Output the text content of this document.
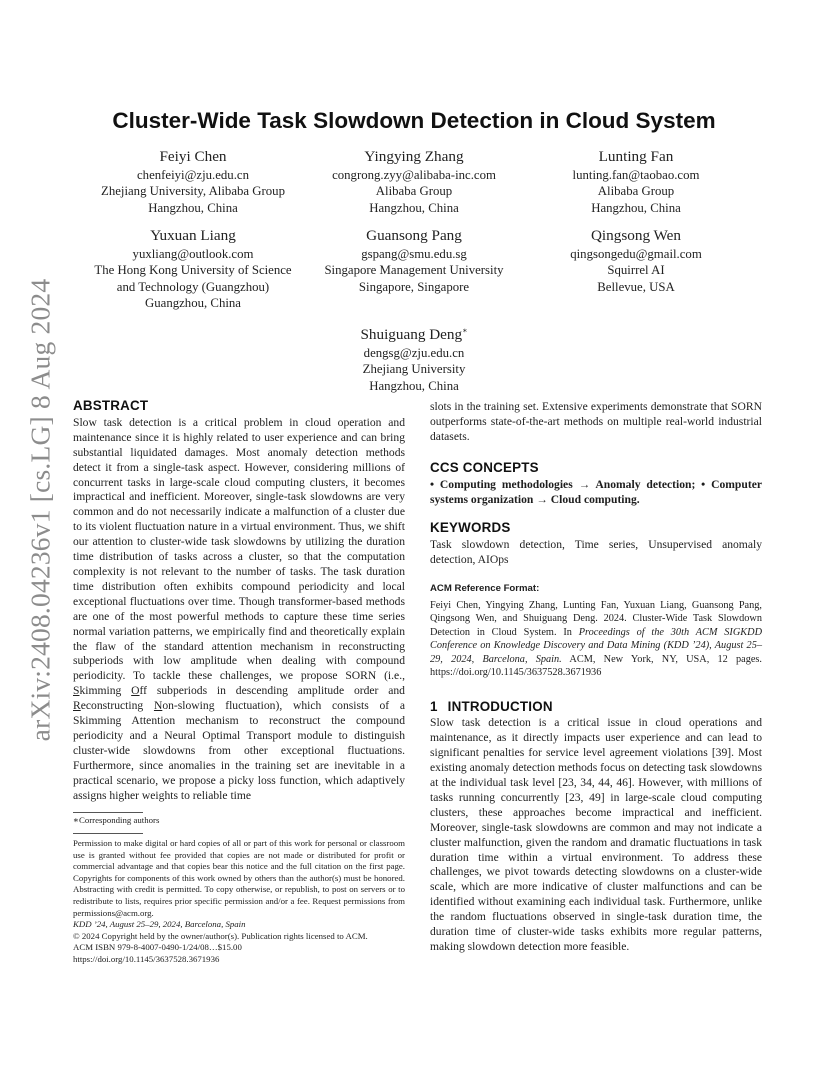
arXiv:2408.04236v1 [cs.LG] 8 Aug 2024
Cluster-Wide Task Slowdown Detection in Cloud System
Feiyi Chen
chenfeiyi@zju.edu.cn
Zhejiang University, Alibaba Group
Hangzhou, China
Yingying Zhang
congrong.zyy@alibaba-inc.com
Alibaba Group
Hangzhou, China
Lunting Fan
lunting.fan@taobao.com
Alibaba Group
Hangzhou, China
Yuxuan Liang
yuxliang@outlook.com
The Hong Kong University of Science
and Technology (Guangzhou)
Guangzhou, China
Guansong Pang
gspang@smu.edu.sg
Singapore Management University
Singapore, Singapore
Qingsong Wen
qingsongedu@gmail.com
Squirrel AI
Bellevue, USA
Shuiguang Deng∗
dengsg@zju.edu.cn
Zhejiang University
Hangzhou, China
ABSTRACT

Slow task detection is a critical problem in cloud operation and maintenance since it is highly related to user experience and can bring substantial liquidated damages. Most anomaly detection methods detect it from a single-task aspect. However, considering millions of concurrent tasks in large-scale cloud computing clusters, it becomes impractical and inefficient. Moreover, single-task slowdowns are very common and do not necessarily indicate a malfunction of a cluster due to its violent fluctuation nature in a virtual environment. Thus, we shift our attention to cluster-wide task slowdowns by utilizing the duration time distribution of tasks across a cluster, so that the computation complexity is not relevant to the number of tasks. The task duration time distribution often exhibits compound periodicity and local exceptional fluctuations over time. Though transformer-based methods are one of the most powerful methods to capture these time series normal variation patterns, we empirically find and theoretically explain the flaw of the standard attention mechanism in reconstructing subperiods with low amplitude when dealing with compound periodicity. To tackle these challenges, we propose SORN (i.e., Skimming Off subperiods in descending amplitude order and Reconstructing Non-slowing fluctuation), which consists of a Skimming Attention mechanism to reconstruct the compound periodicity and a Neural Optimal Transport module to distinguish cluster-wide slowdowns from other exceptional fluctuations. Furthermore, since anomalies in the training set are inevitable in a practical scenario, we propose a picky loss function, which adaptively assigns higher weights to reliable time

∗Corresponding authors

Permission to make digital or hard copies of all or part of this work for personal or classroom use is granted without fee provided that copies are not made or distributed for profit or commercial advantage and that copies bear this notice and the full citation on the first page. Copyrights for components of this work owned by others than the author(s) must be honored. Abstracting with credit is permitted. To copy otherwise, or republish, to post on servers or to redistribute to lists, requires prior specific permission and/or a fee. Request permissions from permissions@acm.org.

KDD ’24, August 25–29, 2024, Barcelona, Spain

© 2024 Copyright held by the owner/author(s). Publication rights licensed to ACM.

ACM ISBN 979-8-4007-0490-1/24/08…$15.00

https://doi.org/10.1145/3637528.3671936

slots in the training set. Extensive experiments demonstrate that SORN outperforms state-of-the-art methods on multiple real-world industrial datasets.

CCS CONCEPTS

• Computing methodologies → Anomaly detection; • Computer systems organization → Cloud computing.

KEYWORDS

Task slowdown detection, Time series, Unsupervised anomaly detection, AIOps

ACM Reference Format:

Feiyi Chen, Yingying Zhang, Lunting Fan, Yuxuan Liang, Guansong Pang, Qingsong Wen, and Shuiguang Deng. 2024. Cluster-Wide Task Slowdown Detection in Cloud System. In Proceedings of the 30th ACM SIGKDD Conference on Knowledge Discovery and Data Mining (KDD ’24), August 25–29, 2024, Barcelona, Spain. ACM, New York, NY, USA, 12 pages. https://doi.org/10.1145/3637528.3671936

1 INTRODUCTION

Slow task detection is a critical issue in cloud operations and maintenance, as it directly impacts user experience and can lead to significant penalties for service level agreement violations [39]. Most existing anomaly detection methods focus on detecting task slowdowns at the individual task level [23, 34, 44, 46]. However, with millions of tasks running concurrently [23, 49] in large-scale cloud computing clusters, these approaches become impractical and inefficient. Moreover, single-task slowdowns are common and may not indicate a cluster malfunction, given the random and dramatic fluctuations in task duration time within a virtual environment. To address these challenges, we pivot towards detecting slowdowns on a cluster-wide scale, which are more indicative of cluster malfunctions and can be identified without examining each individual task. Furthermore, unlike the random fluctuations observed in single-task duration time, the duration time of cluster-wide tasks exhibits more regular patterns, making slowdown detection more feasible.
